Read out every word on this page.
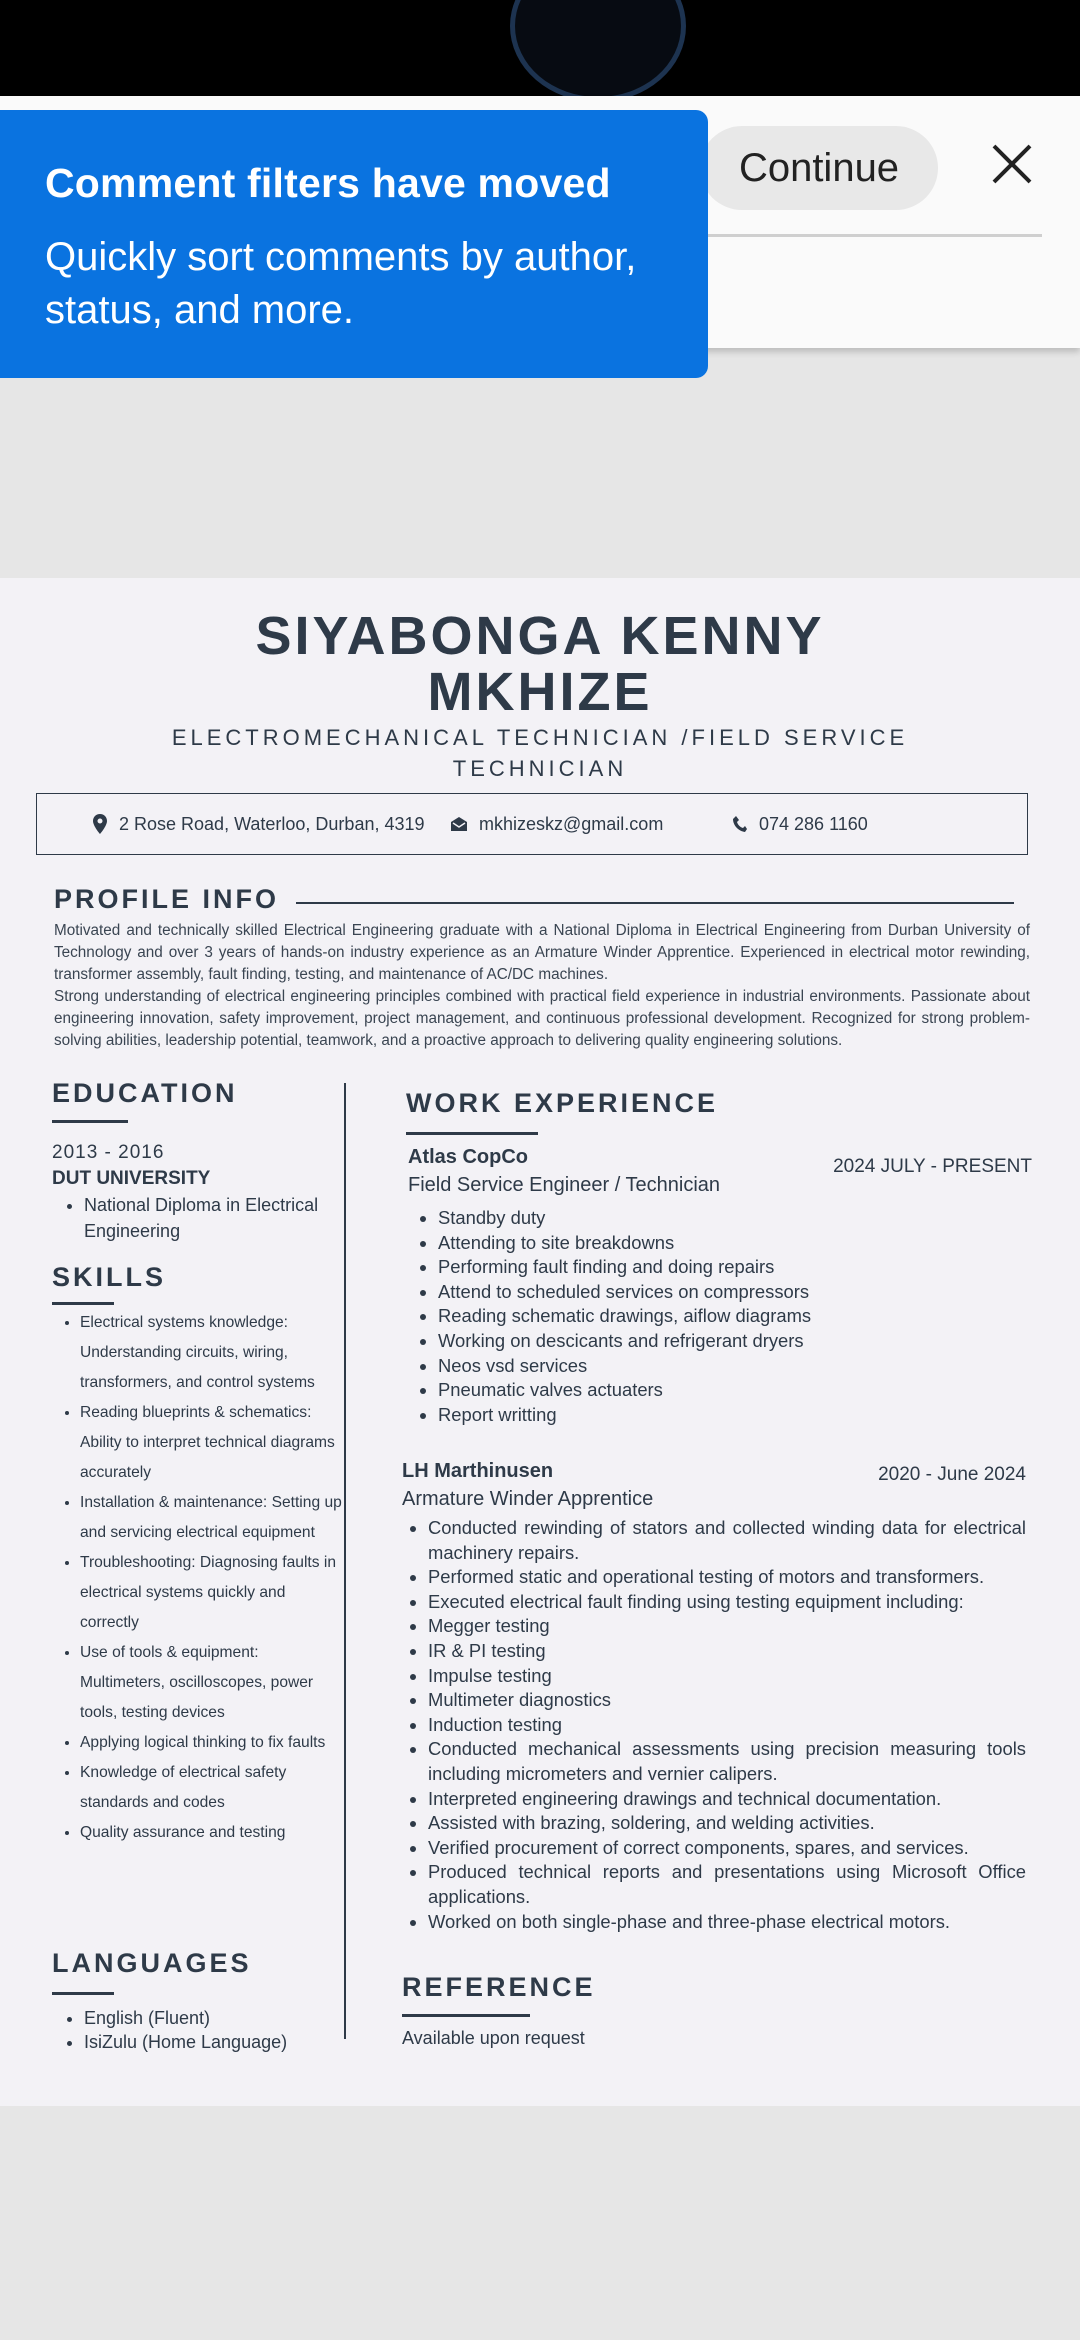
Continue
Comment filters have moved
Quickly sort comments by author, status, and more.
SIYABONGA KENNY
MKHIZE
ELECTROMECHANICAL TECHNICIAN /FIELD SERVICE
TECHNICIAN
2 Rose Road, Waterloo, Durban, 4319	mkhizeskz@gmail.com	074 286 1160
PROFILE INFO
Motivated and technically skilled Electrical Engineering graduate with a National Diploma in Electrical Engineering from Durban University of Technology and over 3 years of hands-on industry experience as an Armature Winder Apprentice. Experienced in electrical motor rewinding, transformer assembly, fault finding, testing, and maintenance of AC/DC machines.
Strong understanding of electrical engineering principles combined with practical field experience in industrial environments. Passionate about engineering innovation, safety improvement, project management, and continuous professional development. Recognized for strong problem-solving abilities, leadership potential, teamwork, and a proactive approach to delivering quality engineering solutions.
EDUCATION
2013 - 2016
DUT UNIVERSITY
• National Diploma in Electrical Engineering
SKILLS
• Electrical systems knowledge: Understanding circuits, wiring, transformers, and control systems
• Reading blueprints & schematics: Ability to interpret technical diagrams accurately
• Installation & maintenance: Setting up and servicing electrical equipment
• Troubleshooting: Diagnosing faults in electrical systems quickly and correctly
• Use of tools & equipment: Multimeters, oscilloscopes, power tools, testing devices
• Applying logical thinking to fix faults
• Knowledge of electrical safety standards and codes
• Quality assurance and testing
LANGUAGES
• English (Fluent)
• IsiZulu (Home Language)
WORK EXPERIENCE
Atlas CopCo	2024 JULY - PRESENT
Field Service Engineer / Technician
• Standby duty
• Attending to site breakdowns
• Performing fault finding and doing repairs
• Attend to scheduled services on compressors
• Reading schematic drawings, aiflow diagrams
• Working on descicants and refrigerant dryers
• Neos vsd services
• Pneumatic valves actuaters
• Report writting
LH Marthinusen	2020 - June 2024
Armature Winder Apprentice
• Conducted rewinding of stators and collected winding data for electrical machinery repairs.
• Performed static and operational testing of motors and transformers.
• Executed electrical fault finding using testing equipment including:
• Megger testing
• IR & PI testing
• Impulse testing
• Multimeter diagnostics
• Induction testing
• Conducted mechanical assessments using precision measuring tools including micrometers and vernier calipers.
• Interpreted engineering drawings and technical documentation.
• Assisted with brazing, soldering, and welding activities.
• Verified procurement of correct components, spares, and services.
• Produced technical reports and presentations using Microsoft Office applications.
• Worked on both single-phase and three-phase electrical motors.
REFERENCE
Available upon request
